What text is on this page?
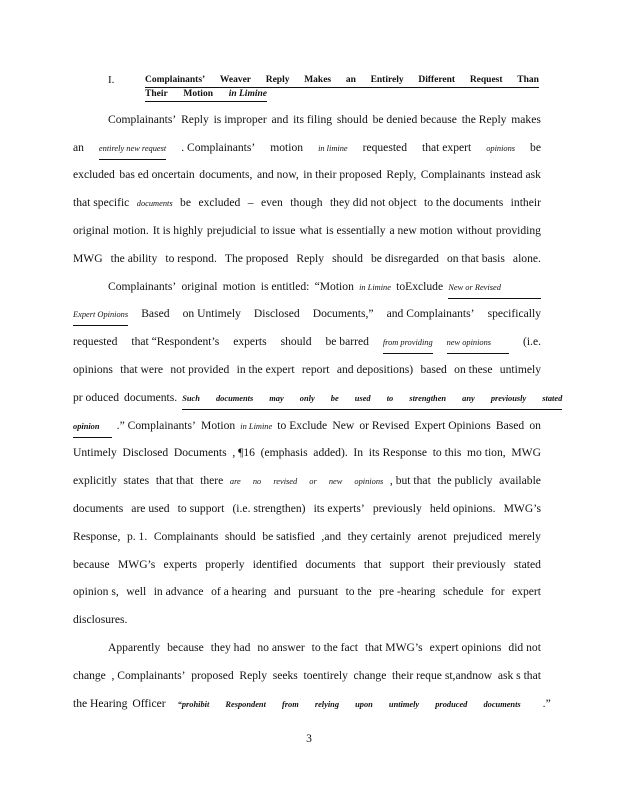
I.	Complainants’ Weaver Reply Makes an Entirely Different Request Than
Their Motion in Limine
Complainants’ Reply is improper and its filing should be denied because the Reply makes
an entirely new request . Complainants’ motion in limine requested that expert opinions be
excluded bas ed oncertain documents, and now, in their proposed Reply, Complainants instead ask
that specific documents be excluded – even though they did not object to the documents intheir
original motion. It is highly prejudicial to issue what is essentially a new motion without providing
MWG the ability to respond. The proposed Reply should be disregarded on that basis alone.
Complainants’ original motion is entitled: “Motion in Limine toExclude New or Revised
Expert Opinions Based on Untimely Disclosed Documents,” and Complainants’ specifically
requested that “Respondent’s experts should be barred from providing new opinions	(i.e.
opinions that were not provided in the expert report and depositions) based on these untimely
pr oduced documents. Such documents may only be used to strengthen any previously stated
opinion	.” Complainants’ Motion in Limine to Exclude New or Revised Expert Opinions Based on
Untimely Disclosed Documents , ¶16 (emphasis added). In its Response to this mo tion, MWG
explicitly states that that there are no revised or new opinions , but that the publicly available
documents are used to support (i.e. strengthen) its experts’ previously held opinions. MWG’s
Response, p. 1. Complainants should be satisfied ,and they certainly arenot prejudiced merely
because MWG’s experts properly identified documents that support their previously stated
opinion s, well in advance of a hearing and pursuant to the pre -hearing schedule for expert
disclosures.
Apparently because they had no answer to the fact that MWG’s expert opinions did not
change , Complainants’ proposed Reply seeks toentirely change their reque st,andnow ask s that
the Hearing Officer “prohibit Respondent from relying upon untimely produced documents .”
3
